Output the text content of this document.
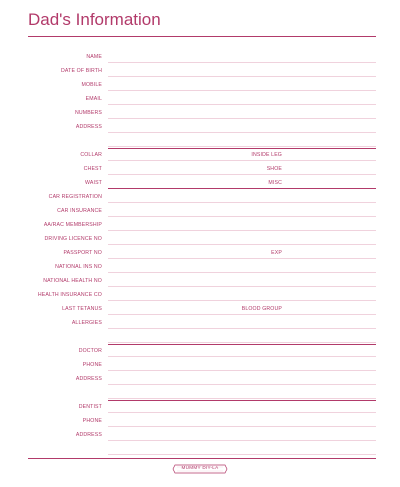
Dad's Information
NAME
DATE OF BIRTH
MOBILE
EMAIL
NUMBERS
ADDRESS
COLLAR	INSIDE LEG
CHEST	SHOE
WAIST	MISC
CAR REGISTRATION
CAR INSURANCE
AA/RAC MEMBERSHIP
DRIVING LICENCE NO
PASSPORT NO	EXP
NATIONAL INS NO
NATIONAL HEALTH NO
HEALTH INSURANCE CO
LAST TETANUS	BLOOD GROUP
ALLERGIES
DOCTOR
PHONE
ADDRESS
DENTIST
PHONE
ADDRESS
MUMMY DIY-LA
